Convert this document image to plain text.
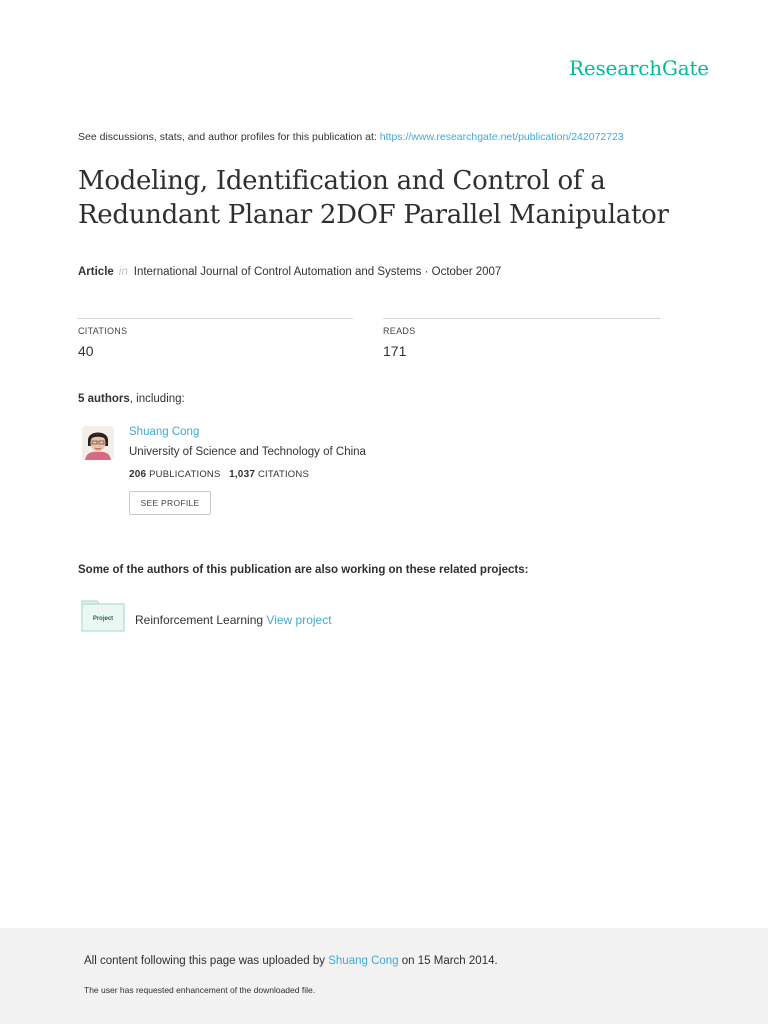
ResearchGate
See discussions, stats, and author profiles for this publication at: https://www.researchgate.net/publication/242072723
Modeling, Identification and Control of a
Redundant Planar 2DOF Parallel Manipulator
Article in International Journal of Control Automation and Systems · October 2007
CITATIONS
40
READS
171
5 authors, including:
Shuang Cong
University of Science and Technology of China
206 PUBLICATIONS 1,037 CITATIONS
SEE PROFILE
Some of the authors of this publication are also working on these related projects:
Project	Reinforcement Learning View project
All content following this page was uploaded by Shuang Cong on 15 March 2014.
The user has requested enhancement of the downloaded file.
